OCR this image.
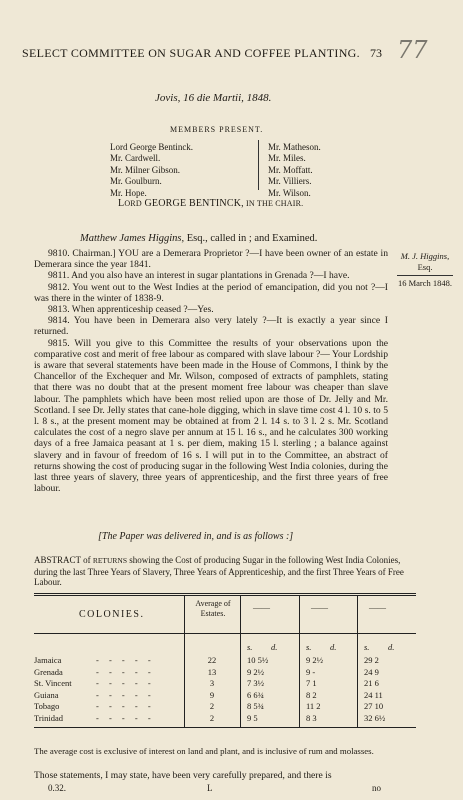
SELECT COMMITTEE ON SUGAR AND COFFEE PLANTING. 73 77
Jovis, 16 die Martii, 1848.
MEMBERS PRESENT.
Lord George Bentinck.
Mr. Cardwell.
Mr. Milner Gibson.
Mr. Goulburn.
Mr. Hope.
Mr. Matheson.
Mr. Miles.
Mr. Moffatt.
Mr. Villiers.
Mr. Wilson.
LORD GEORGE BENTINCK, IN THE CHAIR.
Matthew James Higgins, Esq., called in ; and Examined.
M. J. Higgins,
Esq.
16 March 1848.

9810. Chairman.] YOU are a Demerara Proprietor ?—I have been owner of an estate in Demerara since the year 1841.

9811. And you also have an interest in sugar plantations in Grenada ?—I have.

9812. You went out to the West Indies at the period of emancipation, did you not ?—I was there in the winter of 1838-9.

9813. When apprenticeship ceased ?—Yes.

9814. You have been in Demerara also very lately ?—It is exactly a year since I returned.

9815. Will you give to this Committee the results of your observations upon the comparative cost and merit of free labour as compared with slave labour ?— Your Lordship is aware that several statements have been made in the House of Commons, I think by the Chancellor of the Exchequer and Mr. Wilson, composed of extracts of pamphlets, stating that there was no doubt that at the present moment free labour was cheaper than slave labour. The pamphlets which have been most relied upon are those of Dr. Jelly and Mr. Scotland. I see Dr. Jelly states that cane-hole digging, which in slave time cost 4 l. 10 s. to 5 l. 8 s., at the present moment may be obtained at from 2 l. 14 s. to 3 l. 2 s. Mr. Scotland calculates the cost of a negro slave per annum at 15 l. 16 s., and he calculates 300 working days of a free Jamaica peasant at 1 s. per diem, making 15 l. sterling ; a balance against slavery and in favour of freedom of 16 s. I will put in to the Committee, an abstract of returns showing the cost of producing sugar in the following West India colonies, during the last three years of slavery, three years of apprenticeship, and the first three years of free labour.

[The Paper was delivered in, and is as follows :]
ABSTRACT of RETURNS showing the Cost of producing Sugar in the following West India Colonies, during the last Three Years of Slavery, Three Years of Apprenticeship, and the first Three Years of Free Labour.
COLONIES.
Average of Estates.
——	——	——
s. d.	s. d.	s. d.
Jamaica	- - - - -	22	10 5½	9 2½	29 2
Grenada	- - - - -	13	9 2½	9 -	24 9
St. Vincent	- - - - -	3	7 3½	7 1	21 6
Guiana	- - - - -	9	6 6¾	8 2	24 11
Tobago	- - - - -	2	8 5¾	11 2	27 10
Trinidad	- - - - -	2	9 5	8 3	32 6½
The average cost is exclusive of interest on land and plant, and is inclusive of rum and molasses.
Those statements, I may state, have been very carefully prepared, and there is
0.32.	L	no
